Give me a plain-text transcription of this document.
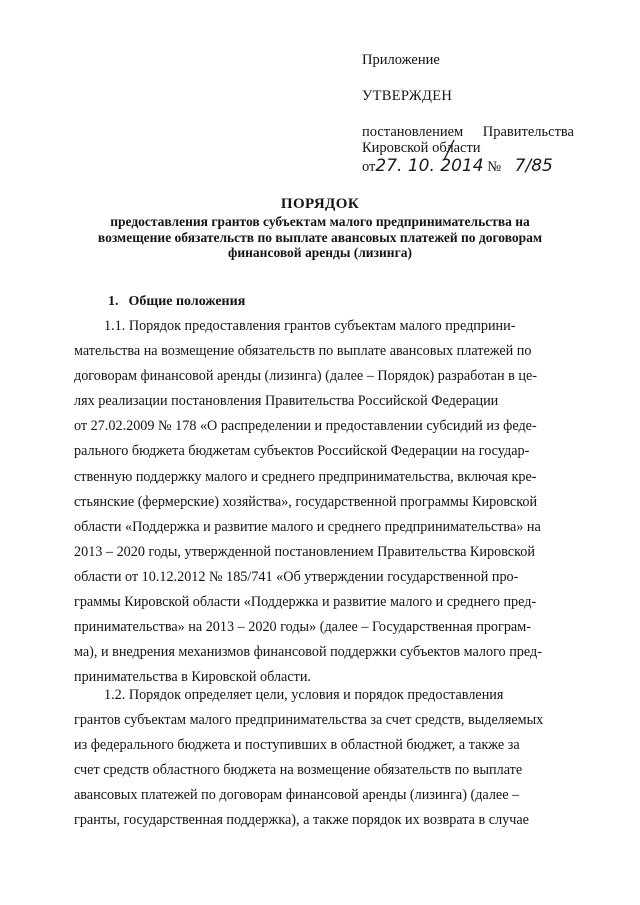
Приложение
УТВЕРЖДЕН
постановлением Правительства
Кировской области
от27. 10. 2014 № 7/85
ПОРЯДОК
предоставления грантов субъектам малого предпринимательства на
возмещение обязательств по выплате авансовых платежей по договорам
финансовой аренды (лизинга)
1. Общие положения
1.1. Порядок предоставления грантов субъектам малого предприни-
мательства на возмещение обязательств по выплате авансовых платежей по
договорам финансовой аренды (лизинга) (далее – Порядок) разработан в це-
лях реализации постановления Правительства Российской Федерации
от 27.02.2009 № 178 «О распределении и предоставлении субсидий из феде-
рального бюджета бюджетам субъектов Российской Федерации на государ-
ственную поддержку малого и среднего предпринимательства, включая кре-
стьянские (фермерские) хозяйства», государственной программы Кировской
области «Поддержка и развитие малого и среднего предпринимательства» на
2013 – 2020 годы, утвержденной постановлением Правительства Кировской
области от 10.12.2012 № 185/741 «Об утверждении государственной про-
граммы Кировской области «Поддержка и развитие малого и среднего пред-
принимательства» на 2013 – 2020 годы» (далее – Государственная програм-
ма), и внедрения механизмов финансовой поддержки субъектов малого пред-
принимательства в Кировской области.
1.2. Порядок определяет цели, условия и порядок предоставления
грантов субъектам малого предпринимательства за счет средств, выделяемых
из федерального бюджета и поступивших в областной бюджет, а также за
счет средств областного бюджета на возмещение обязательств по выплате
авансовых платежей по договорам финансовой аренды (лизинга) (далее –
гранты, государственная поддержка), а также порядок их возврата в случае
